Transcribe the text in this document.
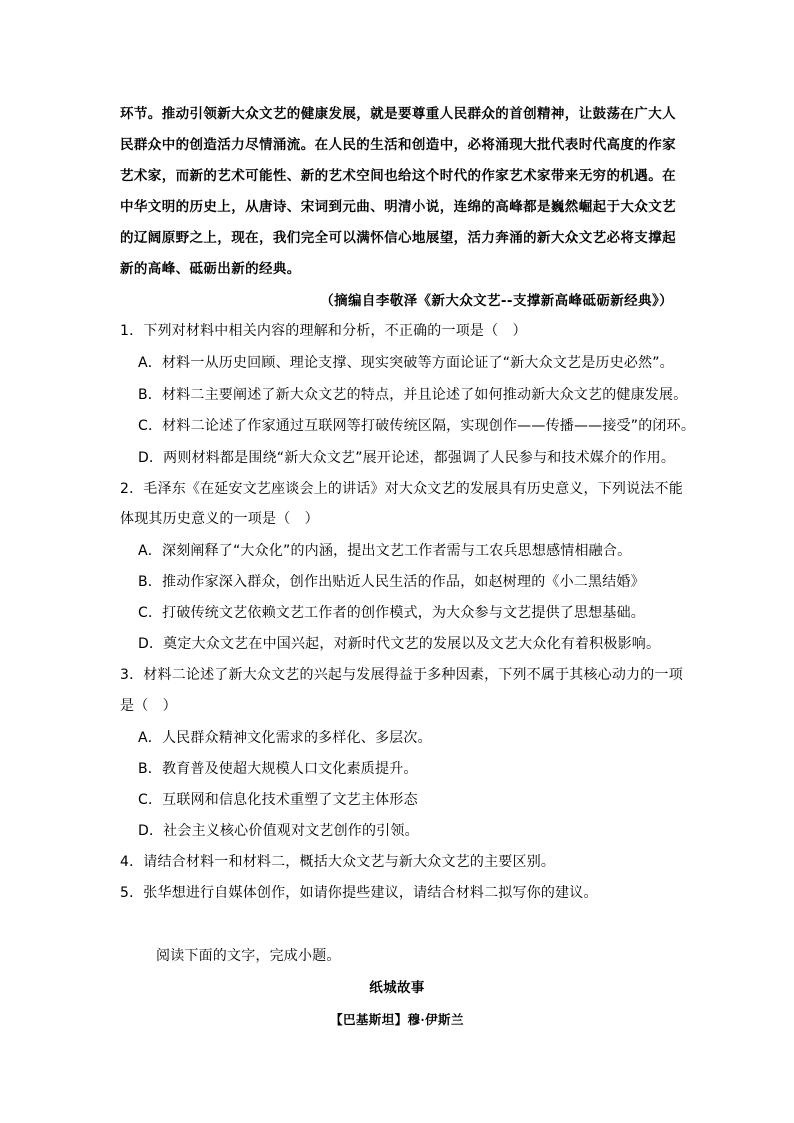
环节。推动引领新大众文艺的健康发展，就是要尊重人民群众的首创精神，让鼓荡在广大人
民群众中的创造活力尽情涌流。在人民的生活和创造中，必将涌现大批代表时代高度的作家
艺术家，而新的艺术可能性、新的艺术空间也给这个时代的作家艺术家带来无穷的机遇。在
中华文明的历史上，从唐诗、宋词到元曲、明清小说，连绵的高峰都是巍然崛起于大众文艺
的辽阔原野之上，现在，我们完全可以满怀信心地展望，活力奔涌的新大众文艺必将支撑起
新的高峰、砥砺出新的经典。
（摘编自李敬泽《新大众文艺--支撑新高峰砥砺新经典》）
1．下列对材料中相关内容的理解和分析，不正确的一项是（　）
A．材料一从历史回顾、理论支撑、现实突破等方面论证了“新大众文艺是历史必然”。
B．材料二主要阐述了新大众文艺的特点，并且论述了如何推动新大众文艺的健康发展。
C．材料二论述了作家通过互联网等打破传统区隔，实现创作——传播——接受”的闭环。
D．两则材料都是围绕“新大众文艺”展开论述，都强调了人民参与和技术媒介的作用。
2．毛泽东《在延安文艺座谈会上的讲话》对大众文艺的发展具有历史意义，下列说法不能
体现其历史意义的一项是（　）
A．深刻阐释了“大众化”的内涵，提出文艺工作者需与工农兵思想感情相融合。
B．推动作家深入群众，创作出贴近人民生活的作品，如赵树理的《小二黑结婚》
C．打破传统文艺依赖文艺工作者的创作模式，为大众参与文艺提供了思想基础。
D．奠定大众文艺在中国兴起，对新时代文艺的发展以及文艺大众化有着积极影响。
3．材料二论述了新大众文艺的兴起与发展得益于多种因素，下列不属于其核心动力的一项
是（　）
A．人民群众精神文化需求的多样化、多层次。
B．教育普及使超大规模人口文化素质提升。
C．互联网和信息化技术重塑了文艺主体形态
D．社会主义核心价值观对文艺创作的引领。
4．请结合材料一和材料二，概括大众文艺与新大众文艺的主要区别。
5．张华想进行自媒体创作，如请你提些建议，请结合材料二拟写你的建议。
阅读下面的文字，完成小题。
纸城故事
【巴基斯坦】穆·伊斯兰
